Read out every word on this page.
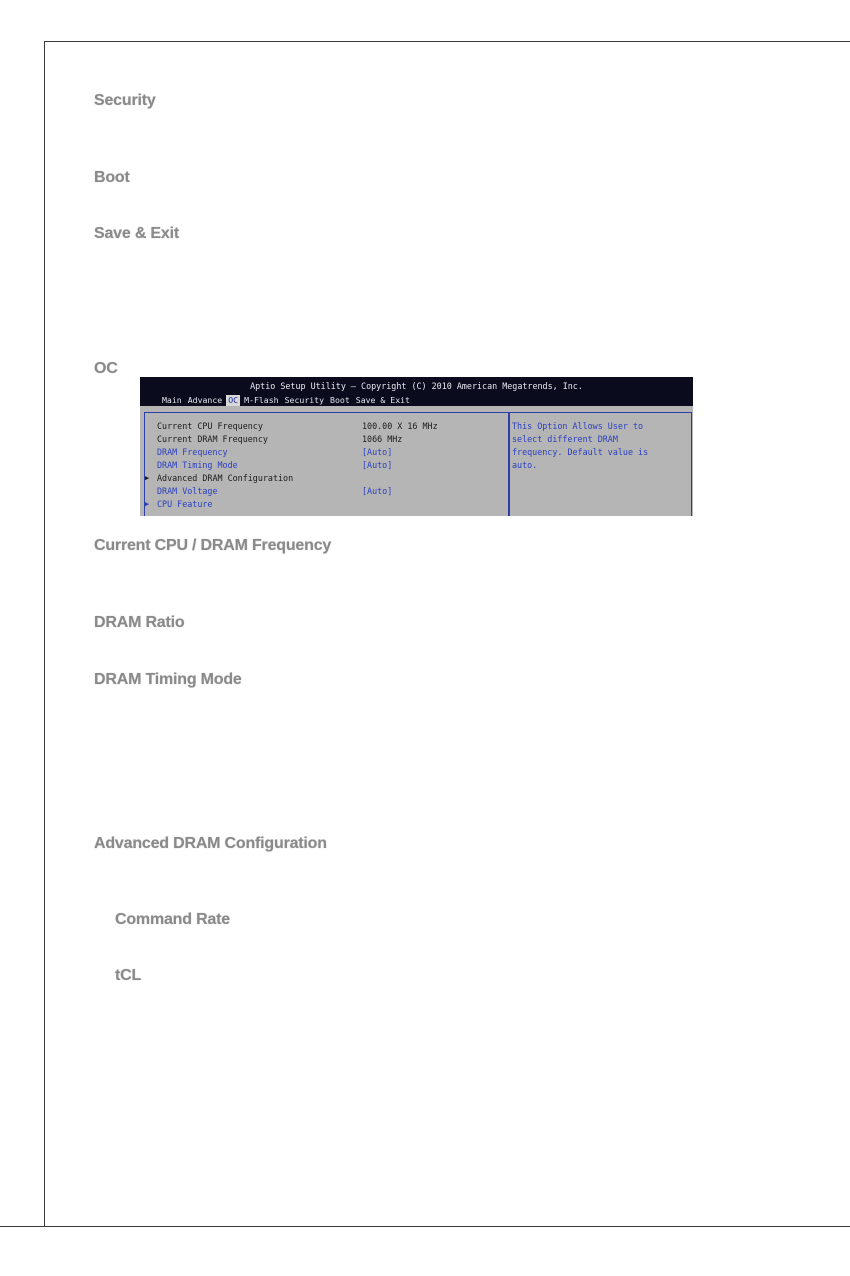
Security
Boot
Save & Exit
OC
Aptio Setup Utility – Copyright (C) 2010 American Megatrends, Inc.
Main Advance OC M-Flash Security Boot Save & Exit
Current CPU Frequency	100.00 X 16 MHz
Current DRAM Frequency	1066 MHz
DRAM Frequency	[Auto]
DRAM Timing Mode	[Auto]
▶ Advanced DRAM Configuration
DRAM Voltage	[Auto]
▶ CPU Feature
This Option Allows User to
select different DRAM
frequency. Default value is
auto.
Current CPU / DRAM Frequency
DRAM Ratio
DRAM Timing Mode
Advanced DRAM Configuration
Command Rate
tCL
